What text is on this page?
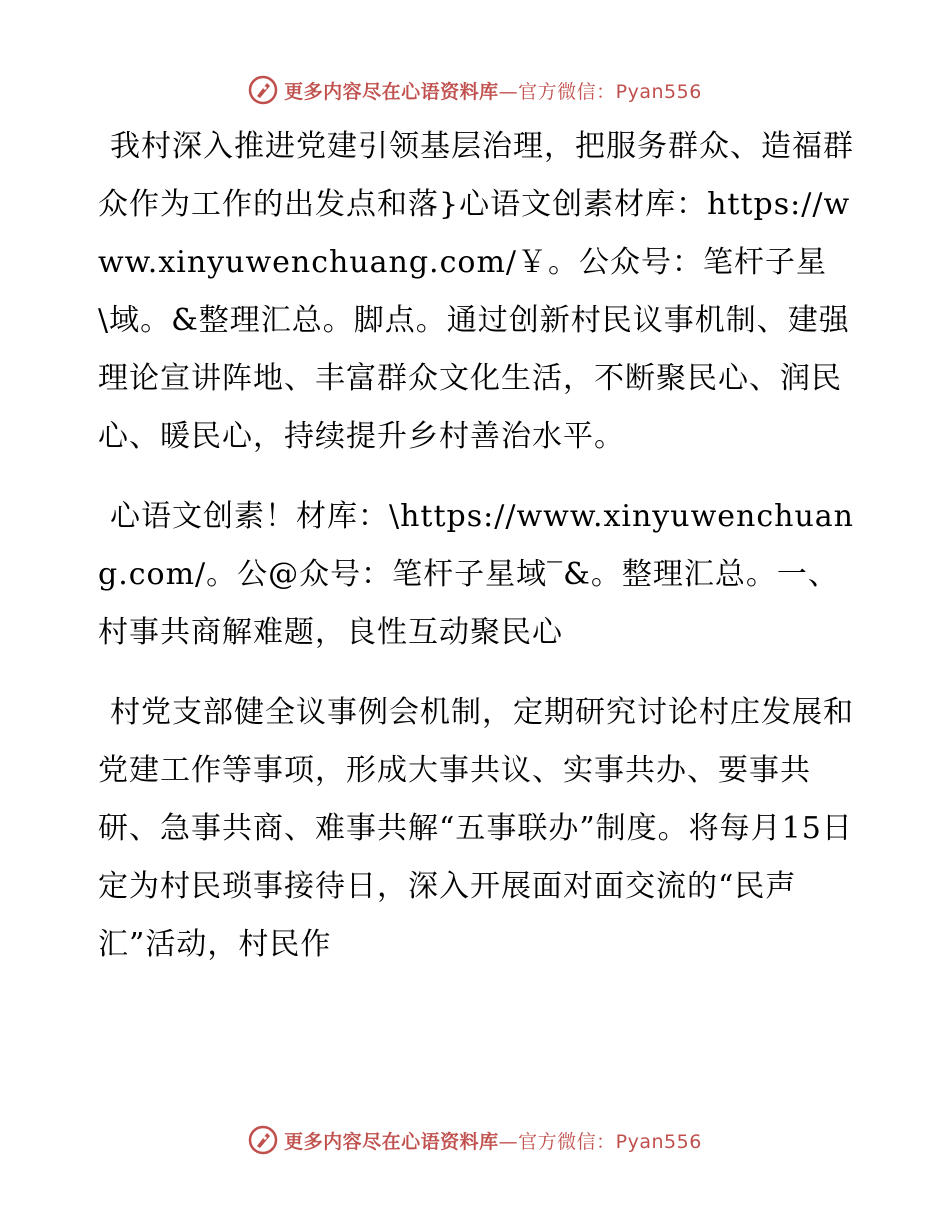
更多内容尽在心语资料库—官方微信：Pyan556

我村深入推进党建引领基层治理，把服务群众、造福群众作为工作的出发点和落}心语文创素材库：https://www.xinyuwenchuang.com/￥。公众号：笔杆子星\域。&整理汇总。脚点。通过创新村民议事机制、建强理论宣讲阵地、丰富群众文化生活，不断聚民心、润民心、暖民心，持续提升乡村善治水平。

心语文创素！材库：\https://www.xinyuwenchuang.com/。公@众号：笔杆子星域‾&。整理汇总。一、村事共商解难题，良性互动聚民心

村党支部健全议事例会机制，定期研究讨论村庄发展和党建工作等事项，形成大事共议、实事共办、要事共研、急事共商、难事共解“五事联办”制度。将每月15日定为村民琐事接待日，深入开展面对面交流的“民声汇”活动，村民作

更多内容尽在心语资料库—官方微信：Pyan556
